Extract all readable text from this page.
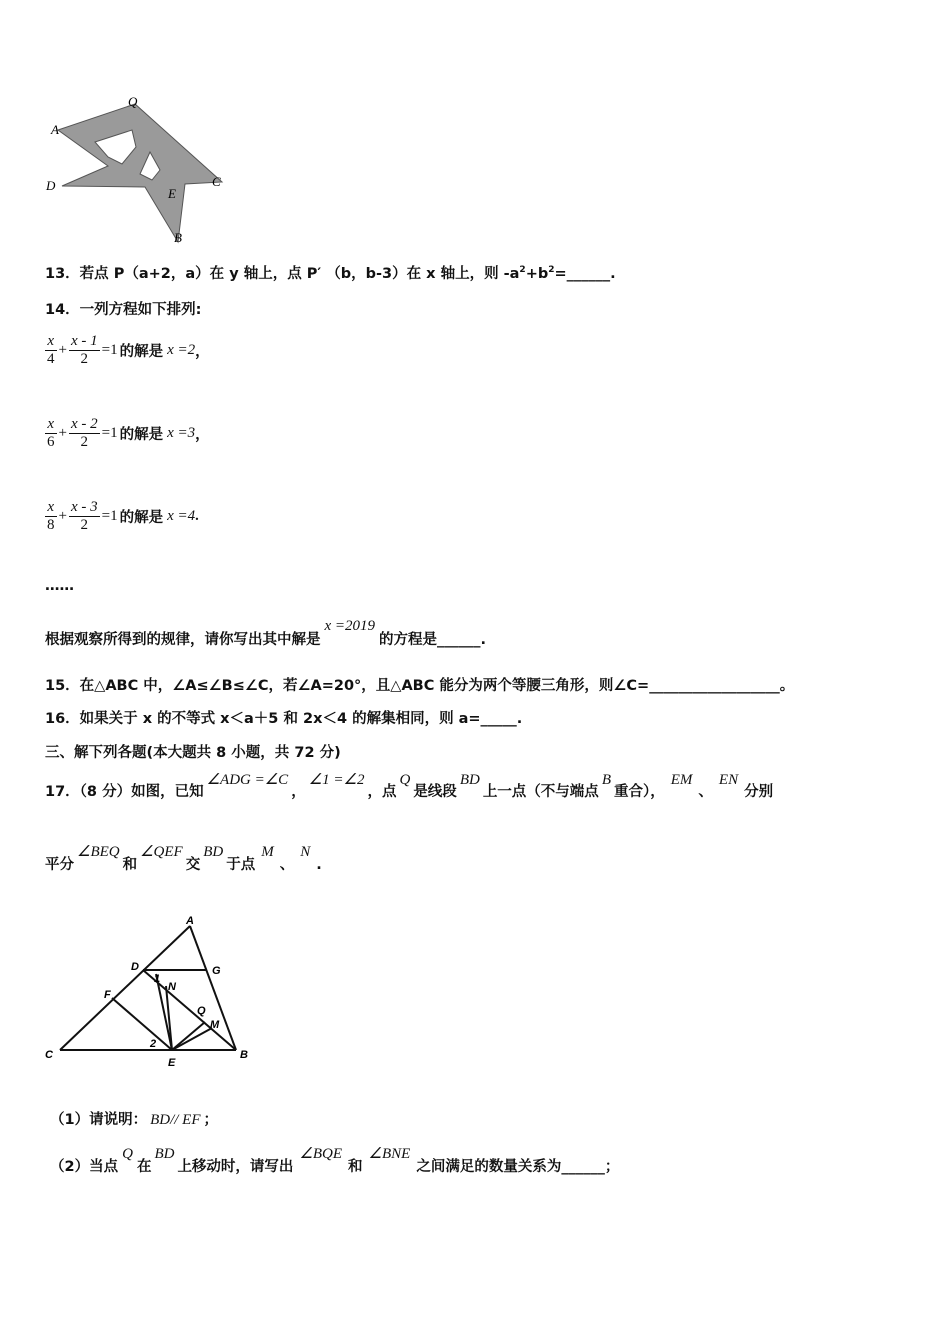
A
Q
D	C
E
B
13．若点 P（a+2，a）在 y 轴上，点 P′ （b，b-3）在 x 轴上，则 $-a^2+b^2=\_\_\_\_\_\_$.
14．一列方程如下排列:
$\frac{x}{4} + \frac{x - 1}{2} =1$ 的解是 x =2，
$\frac{x}{6} + \frac{x - 2}{2} =1$ 的解是 x =3，
$\frac{x}{8} + \frac{x - 3}{2} =1$ 的解是 x =4.
……
根据观察所得到的规律，请你写出其中解是x =2019的方程是______.
15．在△ABC 中，∠A≤∠B≤∠C，若∠A=20°，且△ABC 能分为两个等腰三角形，则∠C=__________________。
16．如果关于 x 的不等式 x＜a＋5 和 2x＜4 的解集相同，则 a=_____.
三、解下列各题(本大题共 8 小题，共 72 分)
17．（8 分）如图，已知∠ADG =∠C，∠1 =∠2，点Q是线段BD上一点（不与端点B重合），EM、EN分别
平分∠BEQ和∠QEF交BD于点M、N.
A
D	G
1
F
N
Q
M
2
C
E
B
（1）请说明： BD// EF ；
（2）当点Q在BD上移动时，请写出∠BQE和∠BNE之间满足的数量关系为______；
